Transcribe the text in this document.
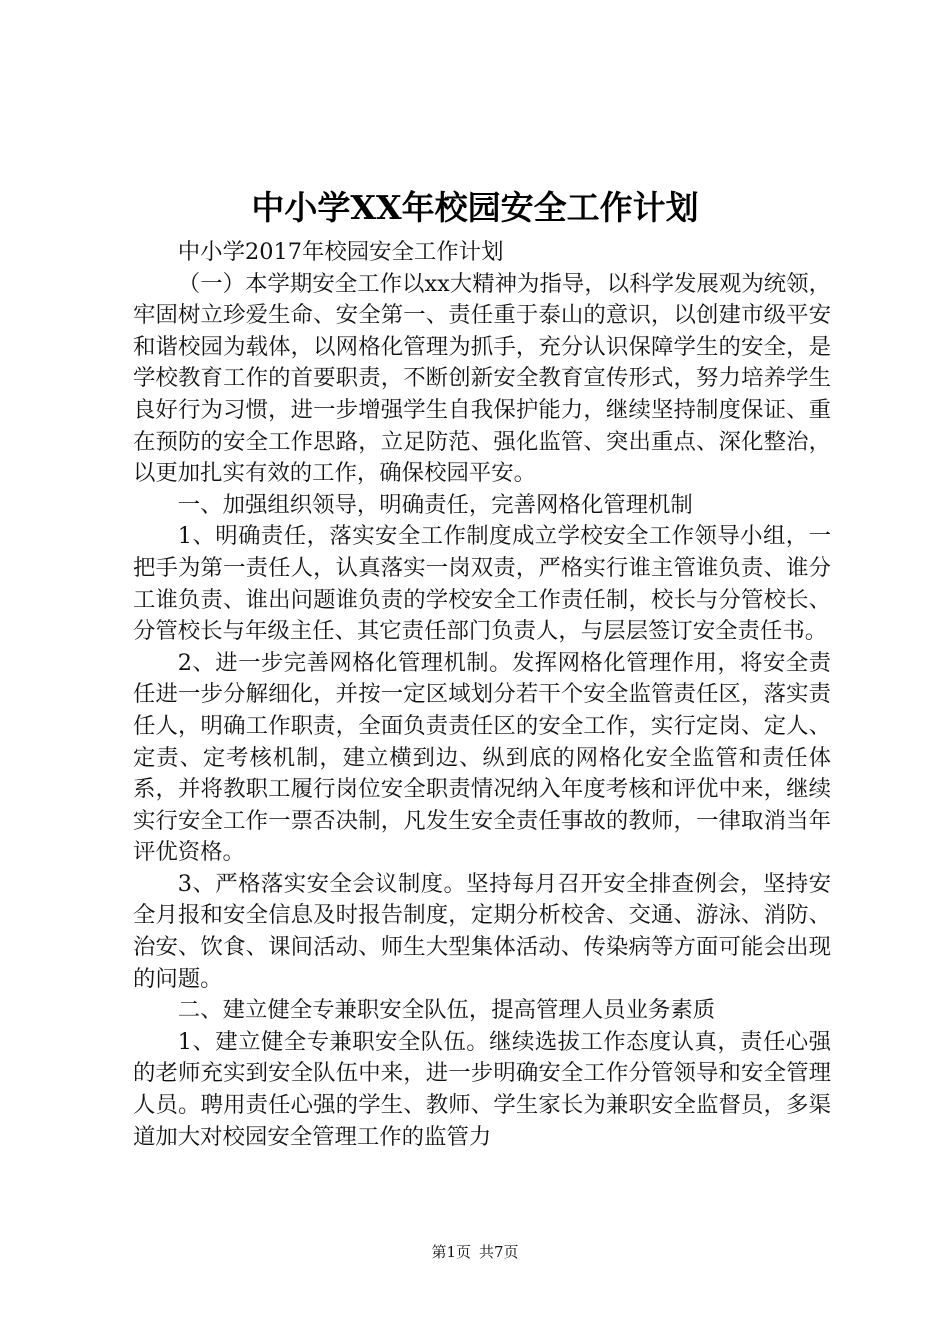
中小学XX年校园安全工作计划

中小学2017年校园安全工作计划

（一）本学期安全工作以xx大精神为指导，以科学发展观为统领，牢固树立珍爱生命、安全第一、责任重于泰山的意识，以创建市级平安和谐校园为载体，以网格化管理为抓手，充分认识保障学生的安全，是学校教育工作的首要职责，不断创新安全教育宣传形式，努力培养学生良好行为习惯，进一步增强学生自我保护能力，继续坚持制度保证、重在预防的安全工作思路，立足防范、强化监管、突出重点、深化整治，以更加扎实有效的工作，确保校园平安。

一、加强组织领导，明确责任，完善网格化管理机制

1、明确责任，落实安全工作制度成立学校安全工作领导小组，一把手为第一责任人，认真落实一岗双责，严格实行谁主管谁负责、谁分工谁负责、谁出问题谁负责的学校安全工作责任制，校长与分管校长、分管校长与年级主任、其它责任部门负责人，与层层签订安全责任书。

2、进一步完善网格化管理机制。发挥网格化管理作用，将安全责任进一步分解细化，并按一定区域划分若干个安全监管责任区，落实责任人，明确工作职责，全面负责责任区的安全工作，实行定岗、定人、定责、定考核机制，建立横到边、纵到底的网格化安全监管和责任体系，并将教职工履行岗位安全职责情况纳入年度考核和评优中来，继续实行安全工作一票否决制，凡发生安全责任事故的教师，一律取消当年评优资格。

3、严格落实安全会议制度。坚持每月召开安全排查例会，坚持安全月报和安全信息及时报告制度，定期分析校舍、交通、游泳、消防、治安、饮食、课间活动、师生大型集体活动、传染病等方面可能会出现的问题。

二、建立健全专兼职安全队伍，提高管理人员业务素质

1、建立健全专兼职安全队伍。继续选拔工作态度认真，责任心强的老师充实到安全队伍中来，进一步明确安全工作分管领导和安全管理人员。聘用责任心强的学生、教师、学生家长为兼职安全监督员，多渠道加大对校园安全管理工作的监管力

第1页 共7页
